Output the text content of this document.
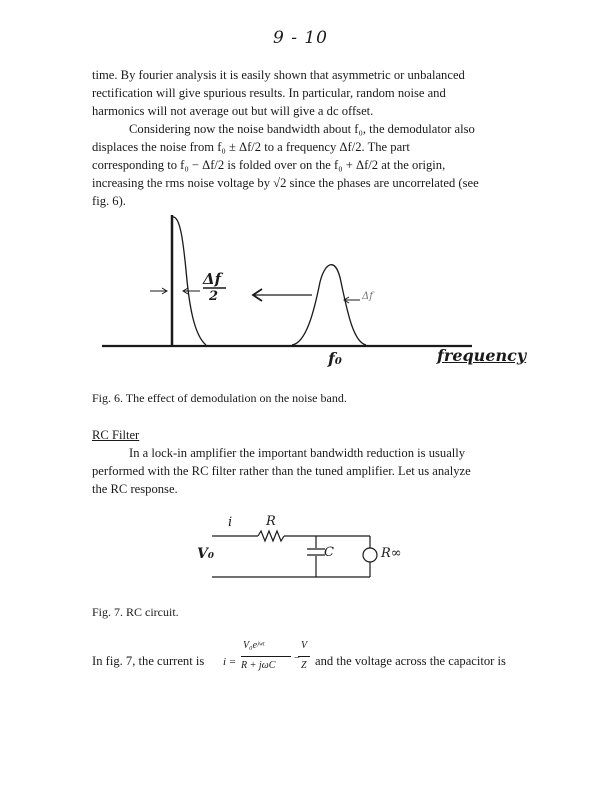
9 - 10
time. By fourier analysis it is easily shown that asymmetric or unbalanced
rectification will give spurious results. In particular, random noise and
harmonics will not average out but will give a dc offset.
Considering now the noise bandwidth about f₀, the demodulator also
displaces the noise from f₀ ± Δf/2 to a frequency Δf/2. The part
corresponding to f₀ − Δf/2 is folded over on the f₀ + Δf/2 at the origin,
increasing the rms noise voltage by √2 since the phases are uncorrelated (see
fig. 6).
Δf
2	Δf
f₀	frequency
Fig. 6. The effect of demodulation on the noise band.
RC Filter
In a lock-in amplifier the important bandwidth reduction is usually
performed with the RC filter rather than the tuned amplifier. Let us analyze
the RC response.
i	R
V₀	C	R∞
Fig. 7. RC circuit.
In fig. 7, the current is i =
V₀eʲʷᵗ
R + jωC
−
V
Z and the voltage across the capacitor is
